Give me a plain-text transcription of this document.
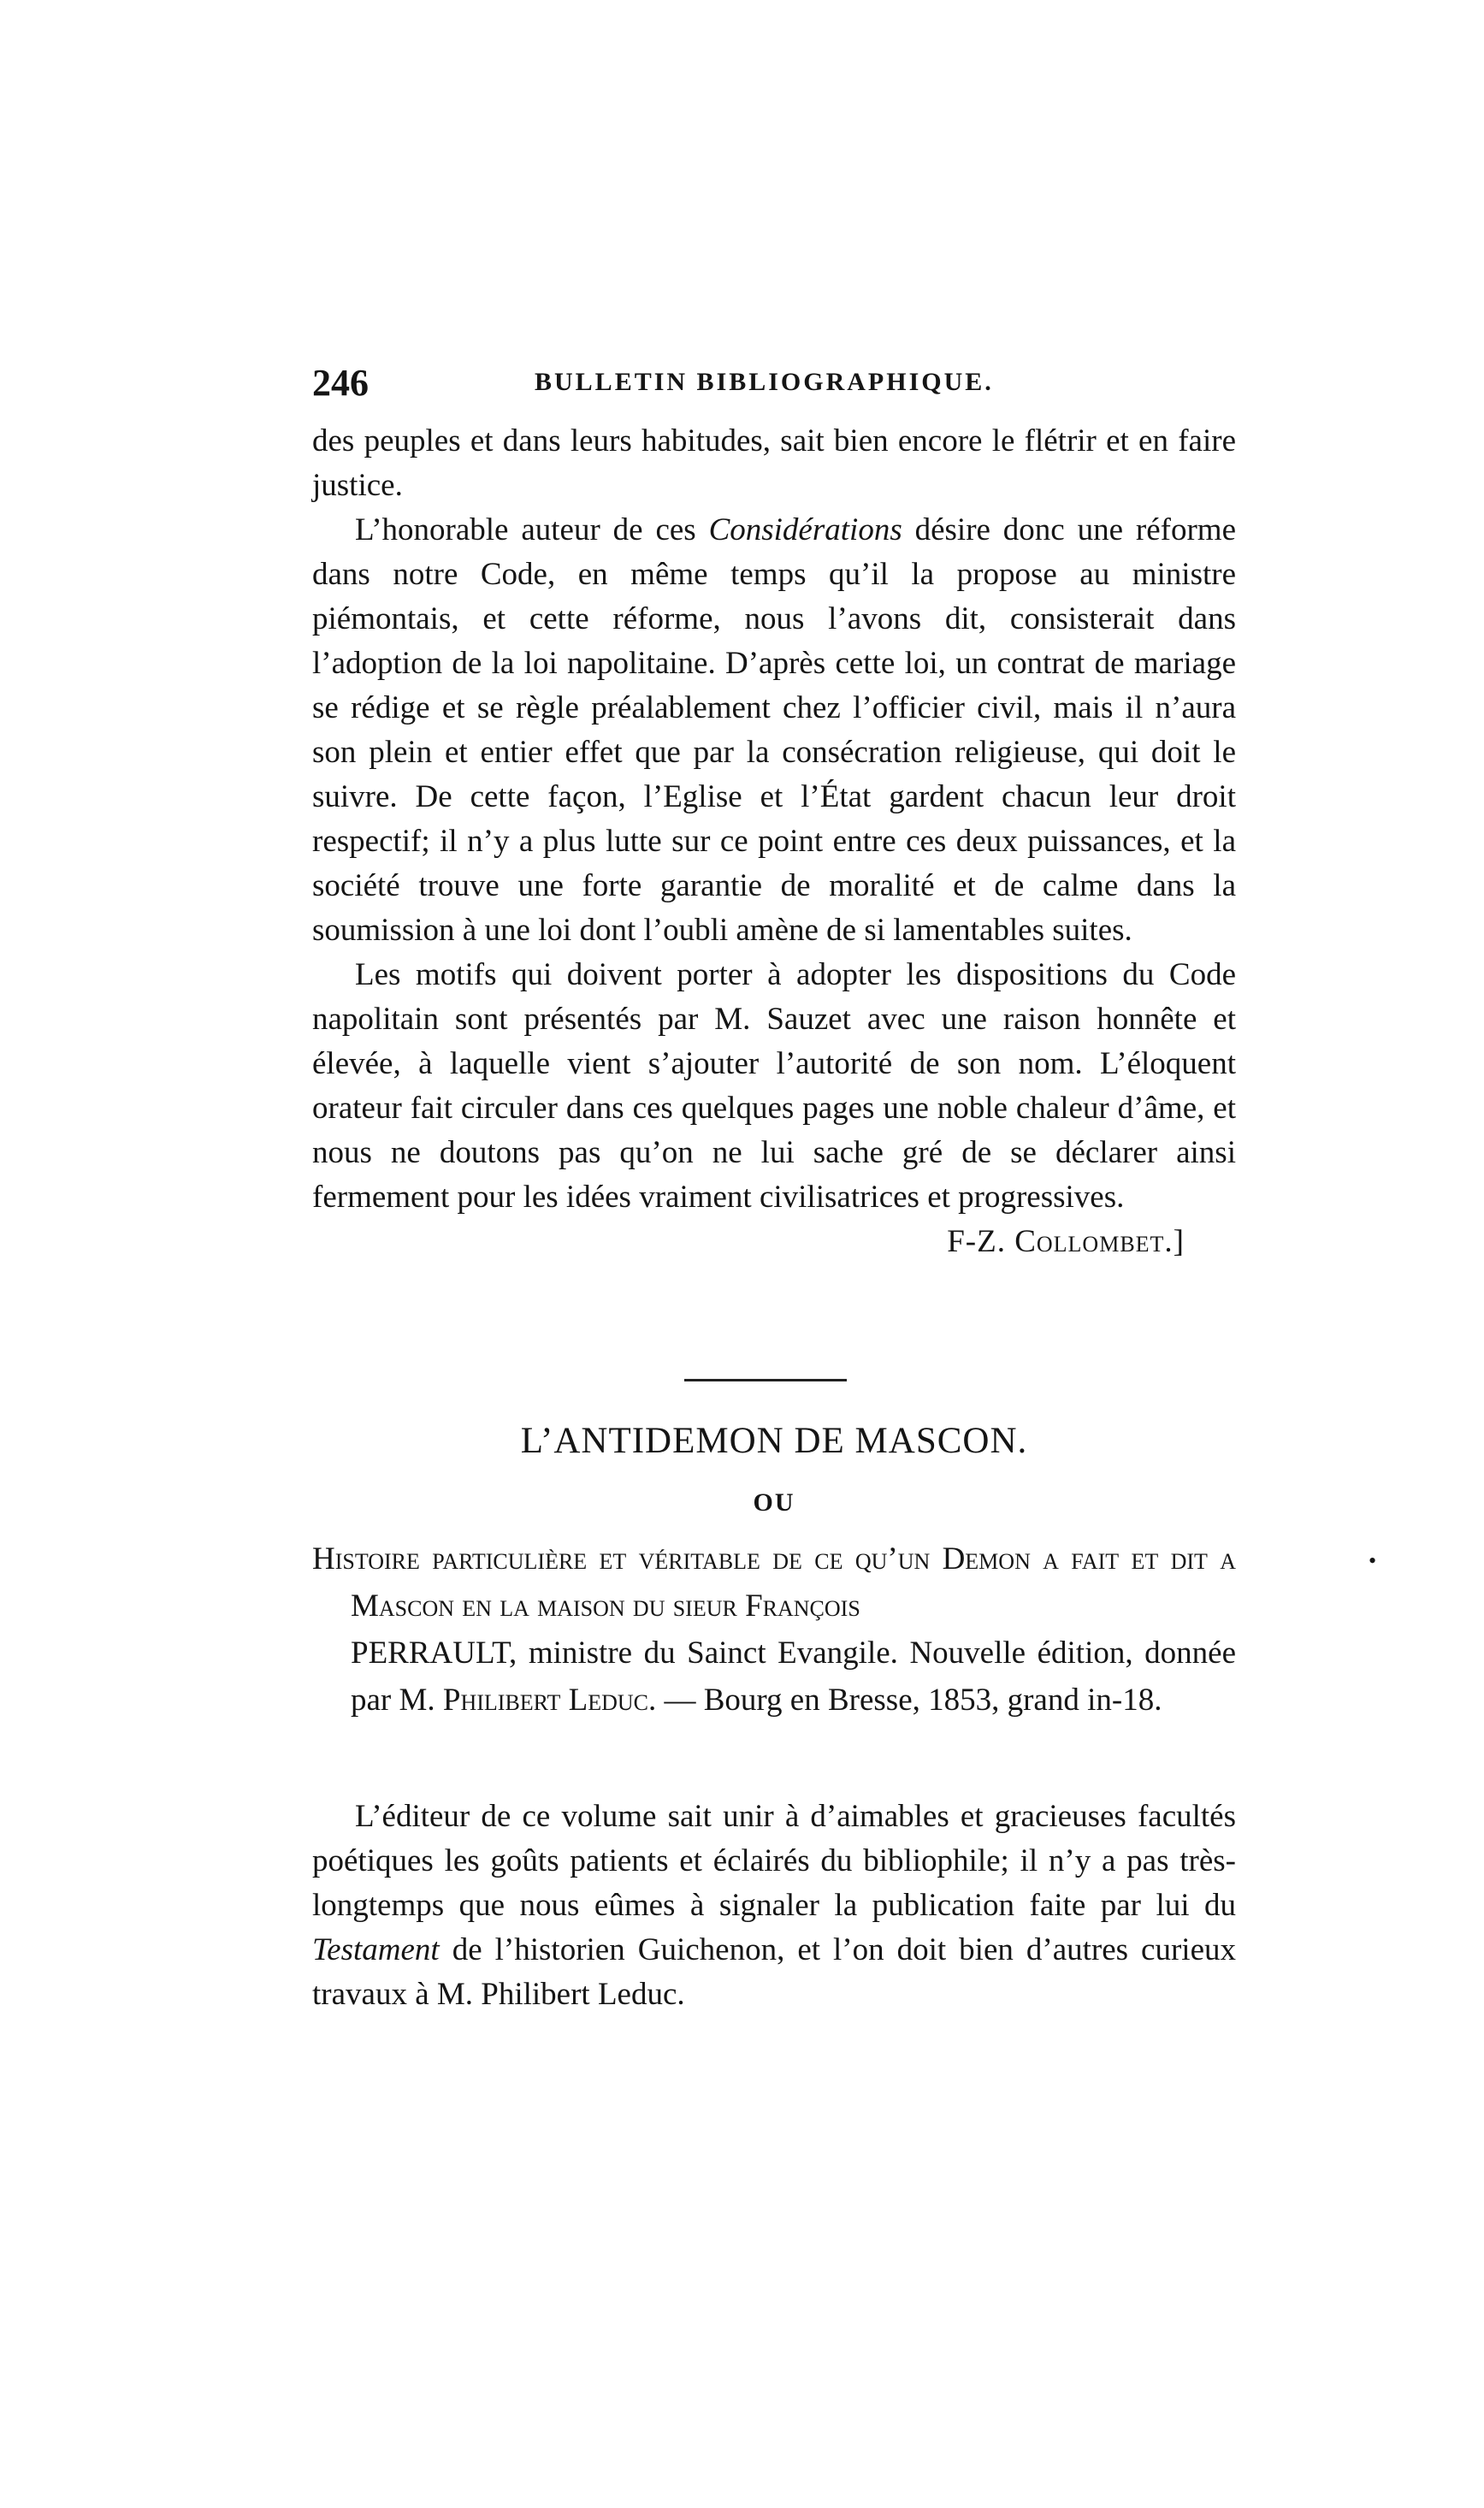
246	BULLETIN BIBLIOGRAPHIQUE.

des peuples et dans leurs habitudes, sait bien encore le flétrir et en faire justice.

L’honorable auteur de ces Considérations désire donc une réforme dans notre Code, en même temps qu’il la propose au ministre piémontais, et cette réforme, nous l’avons dit, consisterait dans l’adoption de la loi napolitaine. D’après cette loi, un contrat de mariage se rédige et se règle préalablement chez l’officier civil, mais il n’aura son plein et entier effet que par la consécration religieuse, qui doit le suivre. De cette façon, l’Eglise et l’État gardent chacun leur droit respectif; il n’y a plus lutte sur ce point entre ces deux puissances, et la société trouve une forte garantie de moralité et de calme dans la soumission à une loi dont l’oubli amène de si lamentables suites.

Les motifs qui doivent porter à adopter les dispositions du Code napolitain sont présentés par M. Sauzet avec une raison honnête et élevée, à laquelle vient s’ajouter l’autorité de son nom. L’éloquent orateur fait circuler dans ces quelques pages une noble chaleur d’âme, et nous ne doutons pas qu’on ne lui sache gré de se déclarer ainsi fermement pour les idées vraiment civilisatrices et progressives.

F-Z. Collombet.]

L’ANTIDEMON DE MASCON.
OU
Histoire particulière et véritable de ce qu’un Demon a fait et dit a Mascon en la maison du sieur François
PERRAULT, ministre du Sainct Evangile. Nouvelle édition, donnée par M. Philibert Leduc. — Bourg en Bresse, 1853, grand in-18.
•

L’éditeur de ce volume sait unir à d’aimables et gracieuses facultés poétiques les goûts patients et éclairés du bibliophile; il n’y a pas très-longtemps que nous eûmes à signaler la publication faite par lui du Testament de l’historien Guichenon, et l’on doit bien d’autres curieux travaux à M. Philibert Leduc.
